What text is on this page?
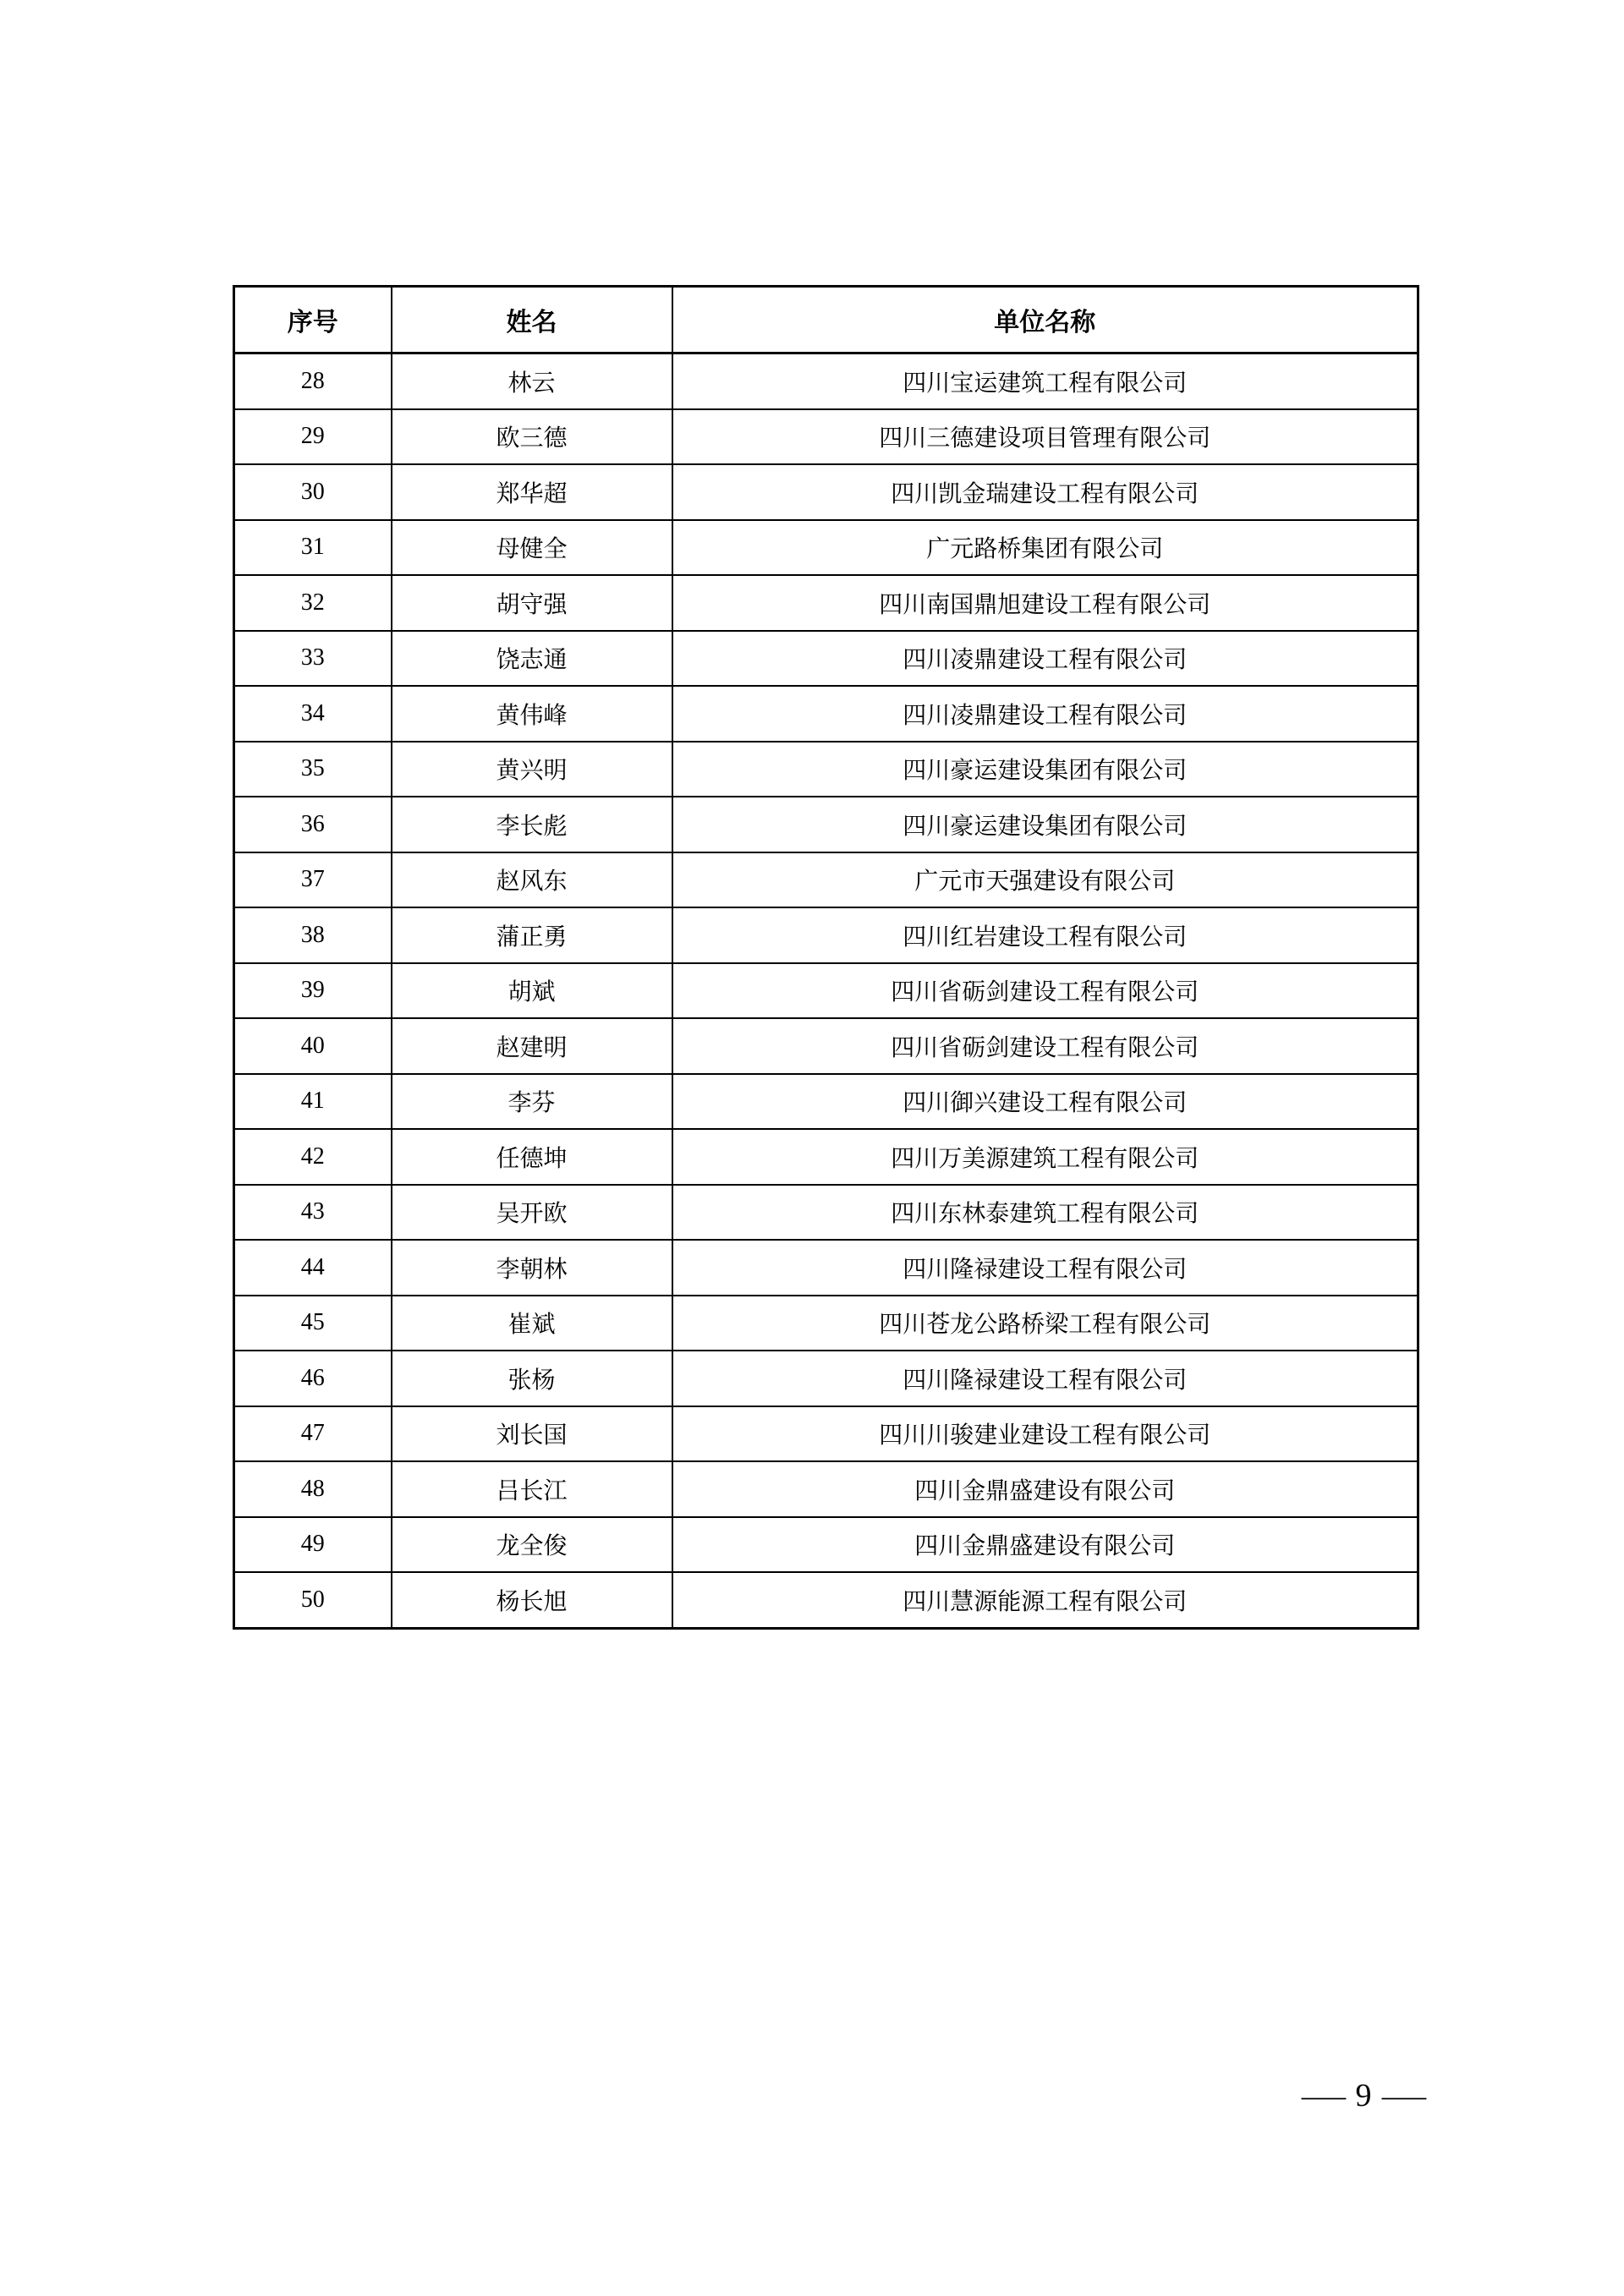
序号	姓名	单位名称
28	林云	四川宝运建筑工程有限公司
29	欧三德	四川三德建设项目管理有限公司
30	郑华超	四川凯金瑞建设工程有限公司
31	母健全	广元路桥集团有限公司
32	胡守强	四川南国鼎旭建设工程有限公司
33	饶志通	四川凌鼎建设工程有限公司
34	黄伟峰	四川凌鼎建设工程有限公司
35	黄兴明	四川豪运建设集团有限公司
36	李长彪	四川豪运建设集团有限公司
37	赵风东	广元市天强建设有限公司
38	蒲正勇	四川红岩建设工程有限公司
39	胡斌	四川省砺剑建设工程有限公司
40	赵建明	四川省砺剑建设工程有限公司
41	李芬	四川御兴建设工程有限公司
42	任德坤	四川万美源建筑工程有限公司
43	吴开欧	四川东林泰建筑工程有限公司
44	李朝林	四川隆禄建设工程有限公司
45	崔斌	四川苍龙公路桥梁工程有限公司
46	张杨	四川隆禄建设工程有限公司
47	刘长国	四川川骏建业建设工程有限公司
48	吕长江	四川金鼎盛建设有限公司
49	龙全俊	四川金鼎盛建设有限公司
50	杨长旭	四川慧源能源工程有限公司
— 9 —
